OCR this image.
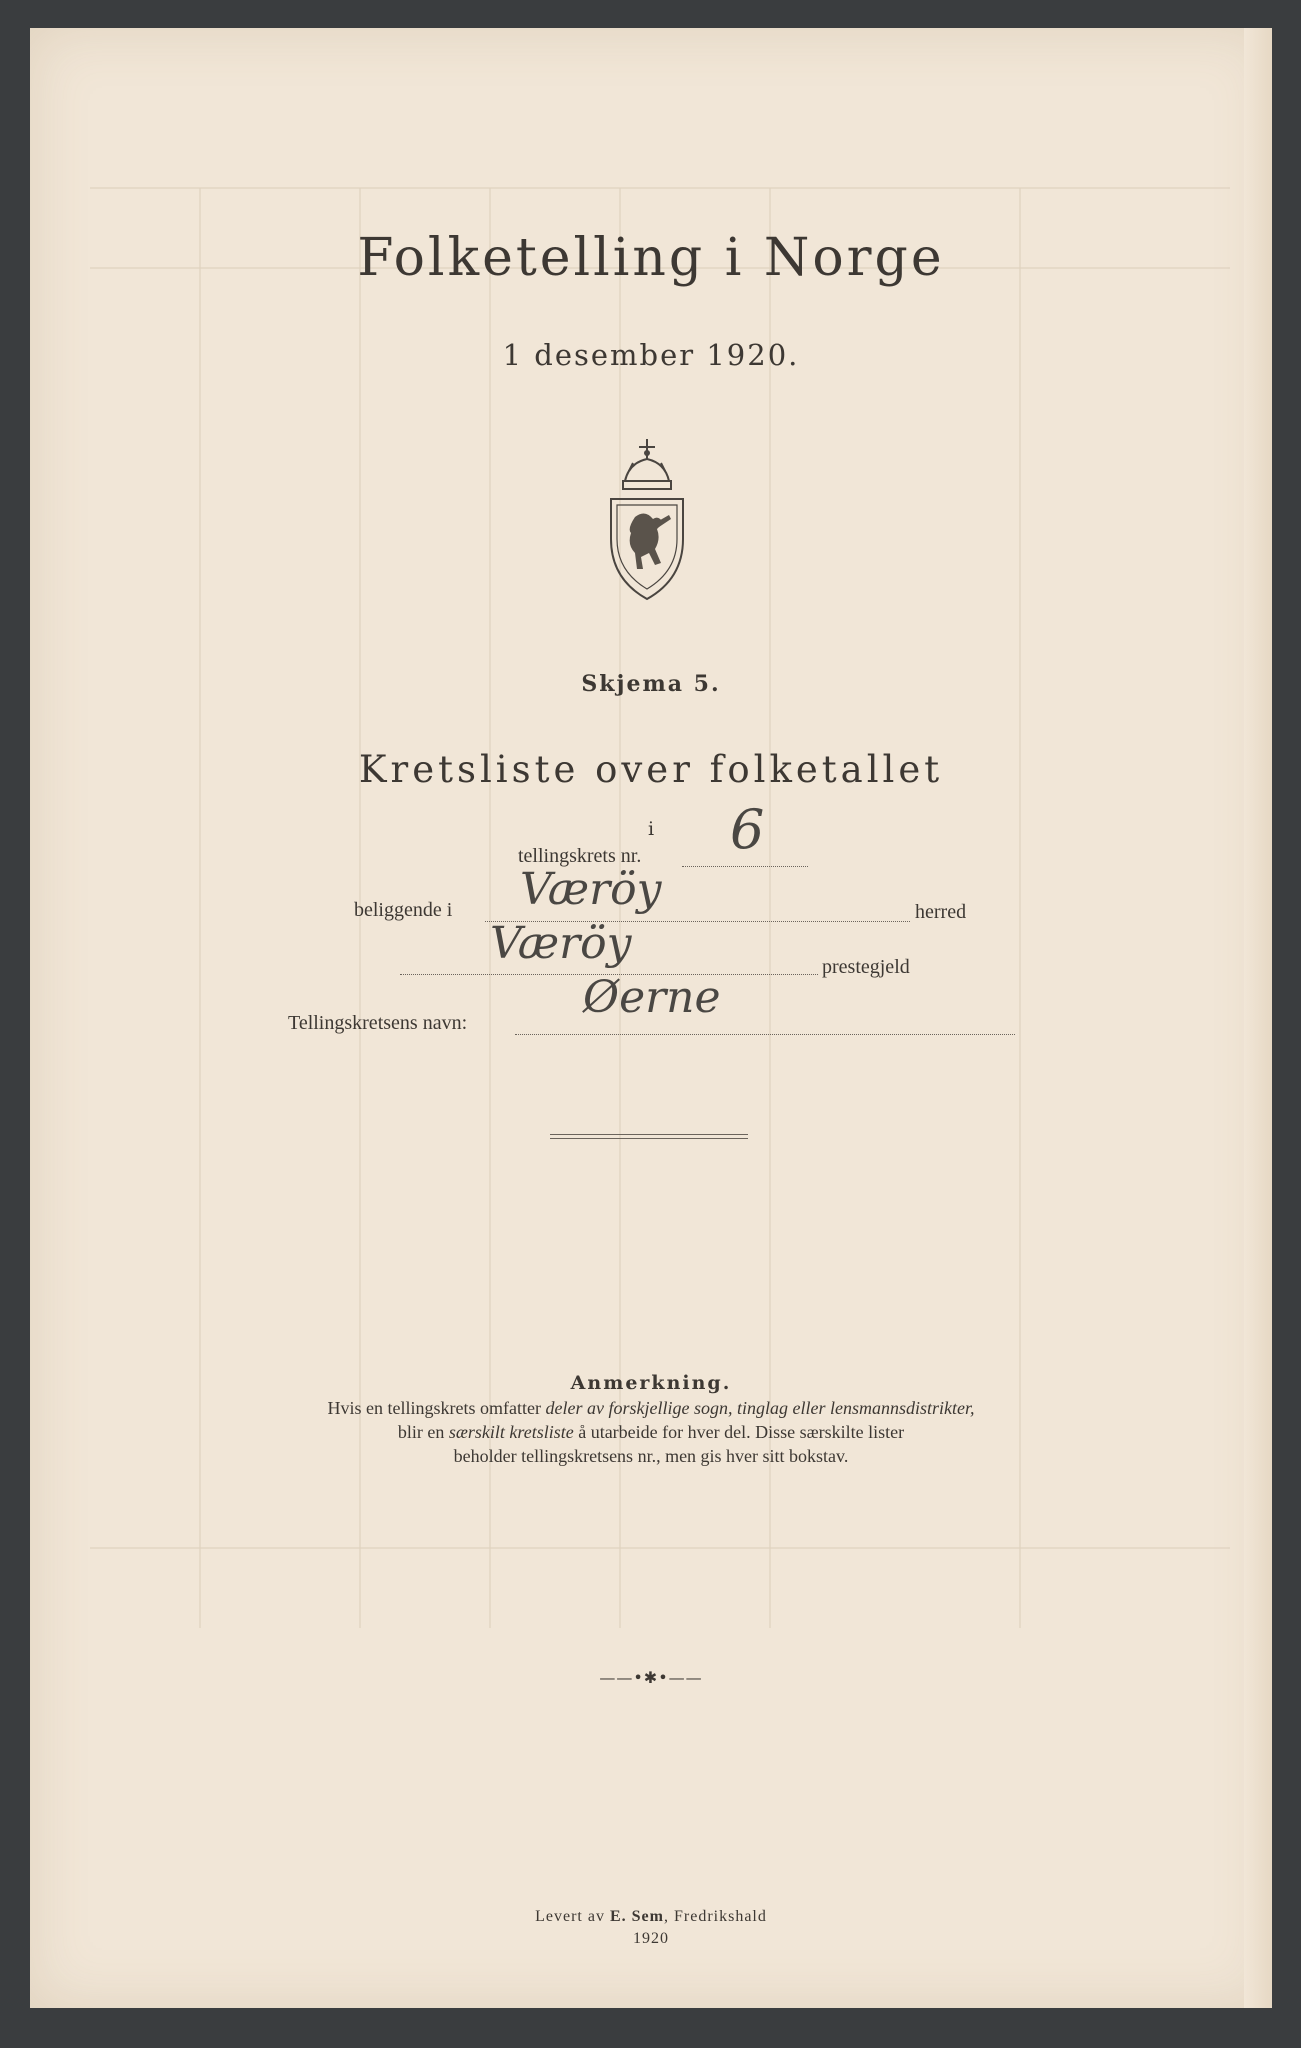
Folketelling i Norge
1 desember 1920.
Skjema 5.
Kretsliste over folketallet
i
tellingskrets nr. 6
beliggende i Væröy	herred
Væröy	prestegjeld
Tellingskretsens navn:	Øerne
Anmerkning.
Hvis en tellingskrets omfatter deler av forskjellige sogn, tinglag eller lensmannsdistrikter,
blir en særskilt kretsliste å utarbeide for hver del. Disse særskilte lister
beholder tellingskretsens nr., men gis hver sitt bokstav.
——•✱•——
Levert av E. Sem, Fredrikshald
1920
